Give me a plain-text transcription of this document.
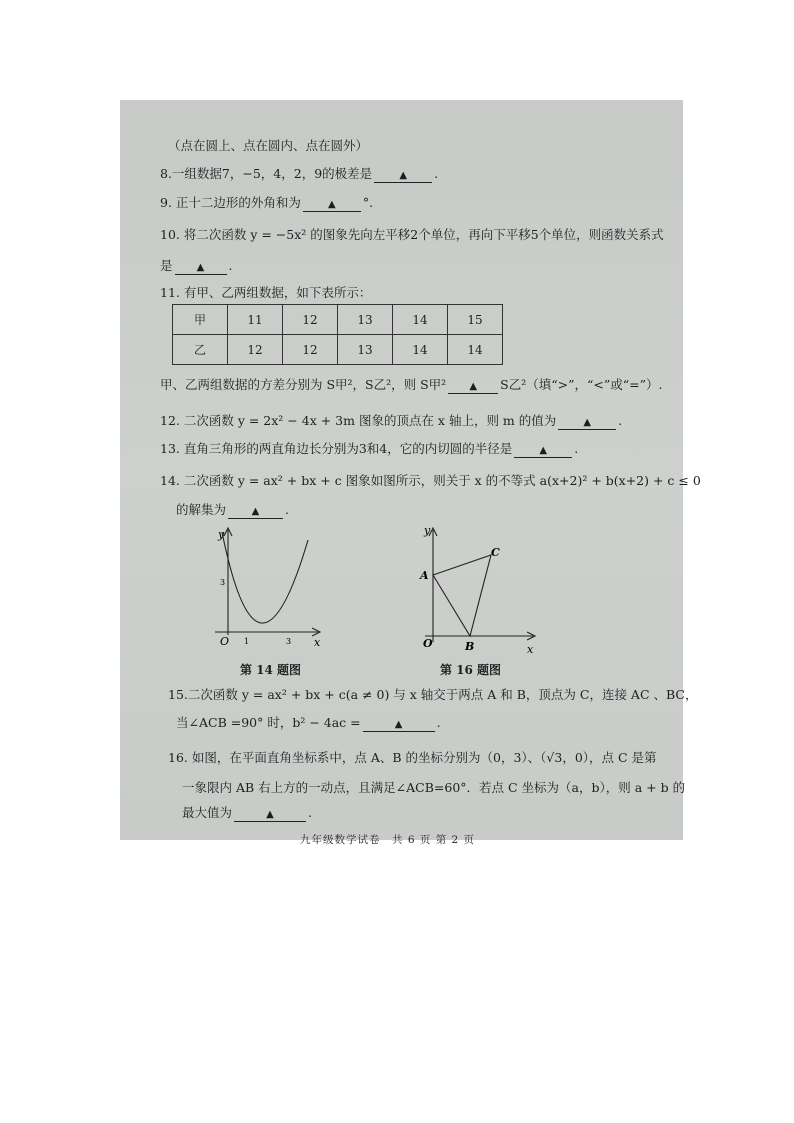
（点在圆上、点在圆内、点在圆外）
8.一组数据7，−5，4，2，9的极差是	▲ .
9. 正十二边形的外角和为	▲ °.
10. 将二次函数 y = −5x² 的图象先向左平移2个单位，再向下平移5个单位，则函数关系式
是 ▲ .
11. 有甲、乙两组数据，如下表所示：
甲	11	12	13	14	15
乙	12	12	13	14	14
甲、乙两组数据的方差分别为 S甲²，S乙²，则 S甲² ▲ S乙²（填“>”，“<”或“=”）.
12. 二次函数 y = 2x² − 4x + 3m 图象的顶点在 x 轴上，则 m 的值为	▲ .
13. 直角三角形的两直角边长分别为3和4，它的内切圆的半径是	▲ .
14. 二次函数 y = ax² + bx + c 图象如图所示，则关于 x 的不等式 a(x+2)² + b(x+2) + c ≤ 0
的解集为	▲ .
y
x
O
3
1	3
第 14 题图
y
x
O
A
B
C
第 16 题图
15.二次函数 y = ax² + bx + c(a ≠ 0) 与 x 轴交于两点 A 和 B，顶点为 C，连接 AC 、BC，
当∠ACB =90° 时，b² − 4ac =	▲	.
16. 如图，在平面直角坐标系中，点 A、B 的坐标分别为（0，3）、（√3，0），点 C 是第
一象限内 AB 右上方的一动点，且满足∠ACB=60°．若点 C 坐标为（a，b），则 a + b 的
最大值为	▲	.
九年级数学试卷　共 6 页 第 2 页
